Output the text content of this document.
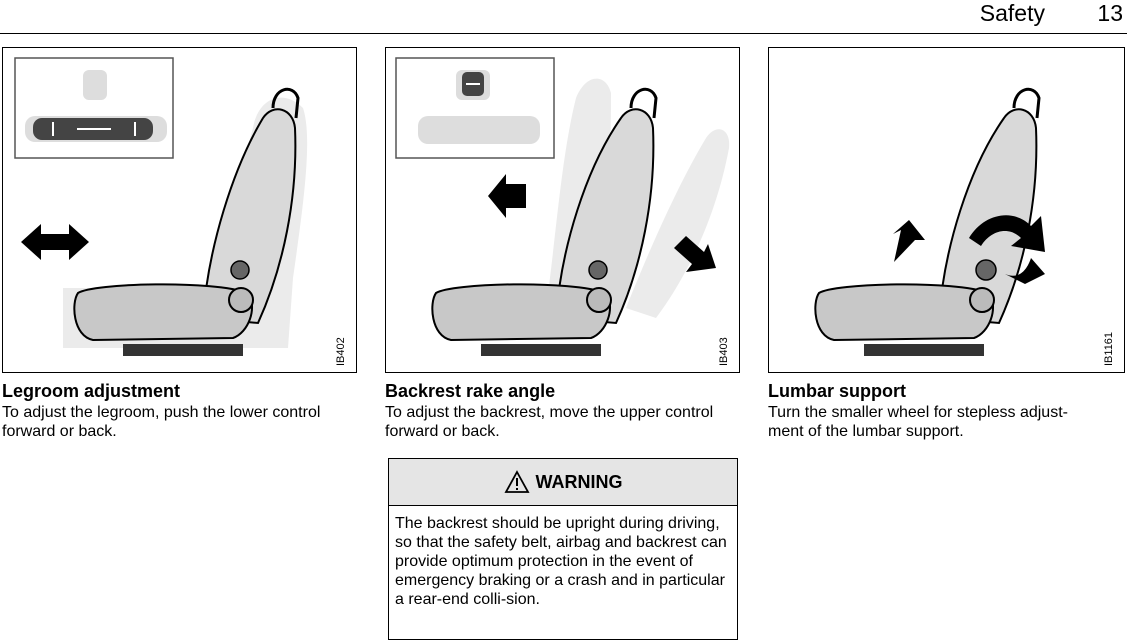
Safety 13
IB402
Legroom adjustment
To adjust the legroom, push the lower control forward or back.
IB403
Backrest rake angle
To adjust the backrest, move the upper control forward or back.
IB1161
Lumbar support
Turn the smaller wheel for stepless adjust-ment of the lumbar support.
WARNING
The backrest should be upright during driving, so that the safety belt, airbag and backrest can provide optimum protection in the event of emergency braking or a crash and in particular a rear-end colli-sion.
